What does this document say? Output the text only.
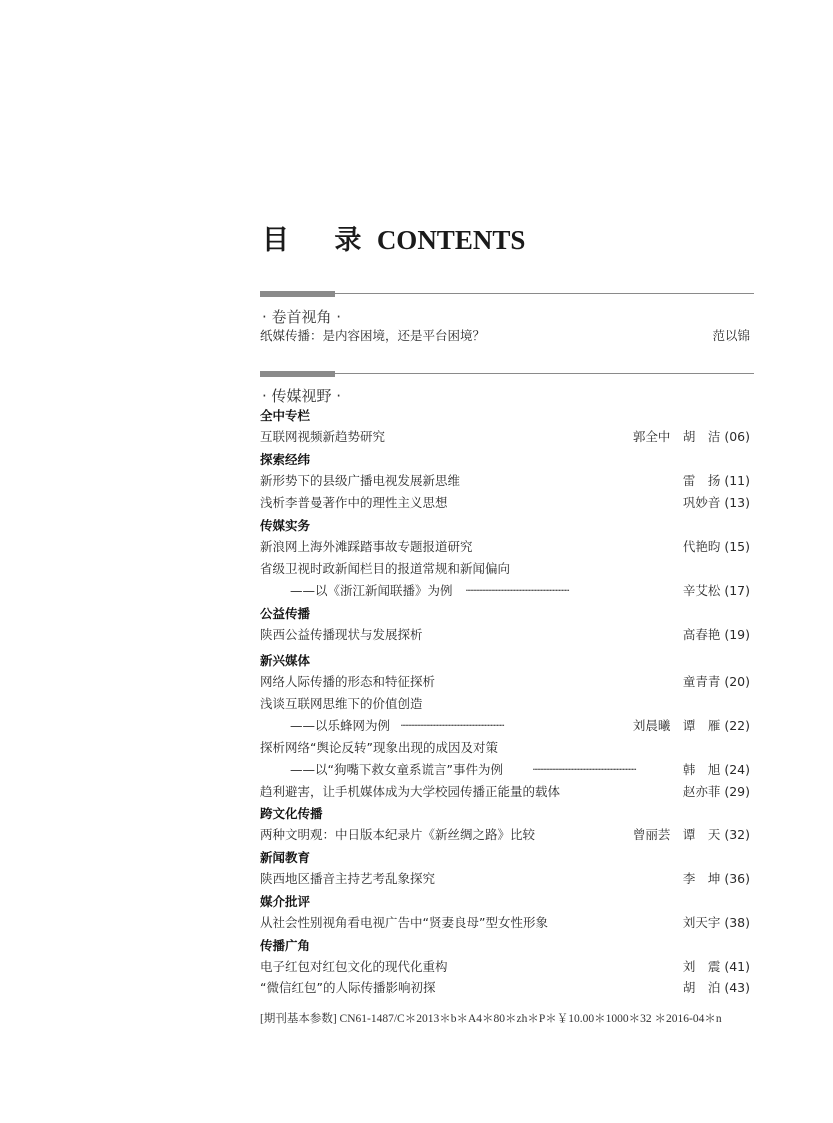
目 录 CONTENTS
· 卷首视角 ·
纸媒传播：是内容困境，还是平台困境？	范以锦
· 传媒视野 ·
全中专栏
互联网视频新趋势研究	郭全中　胡　洁 (06)
探索经纬
新形势下的县级广播电视发展新思维	雷　扬 (11)
浅析李普曼著作中的理性主义思想	巩妙音 (13)
传媒实务
新浪网上海外滩踩踏事故专题报道研究	代艳昀 (15)
省级卫视时政新闻栏目的报道常规和新闻偏向
——以《浙江新闻联播》为例 ·····································································	辛艾松 (17)
公益传播
陕西公益传播现状与发展探析	高春艳 (19)
新兴媒体
网络人际传播的形态和特征探析	童青青 (20)
浅谈互联网思维下的价值创造
——以乐蜂网为例 ·····································································	刘晨曦　谭　雁 (22)
探析网络“舆论反转”现象出现的成因及对策
——以“狗嘴下救女童系谎言”事件为例	·····································································	韩　旭 (24)
趋利避害，让手机媒体成为大学校园传播正能量的载体	赵亦菲 (29)
跨文化传播
两种文明观：中日版本纪录片《新丝绸之路》比较	曾丽芸　谭　天 (32)
新闻教育
陕西地区播音主持艺考乱象探究	李　坤 (36)
媒介批评
从社会性别视角看电视广告中“贤妻良母”型女性形象	刘天宇 (38)
传播广角
电子红包对红包文化的现代化重构	刘　震 (41)
“微信红包”的人际传播影响初探	胡　泊 (43)
[期刊基本参数] CN61-1487/C＊2013＊b＊A4＊80＊zh＊P＊￥10.00＊1000＊32 ＊2016-04＊n
